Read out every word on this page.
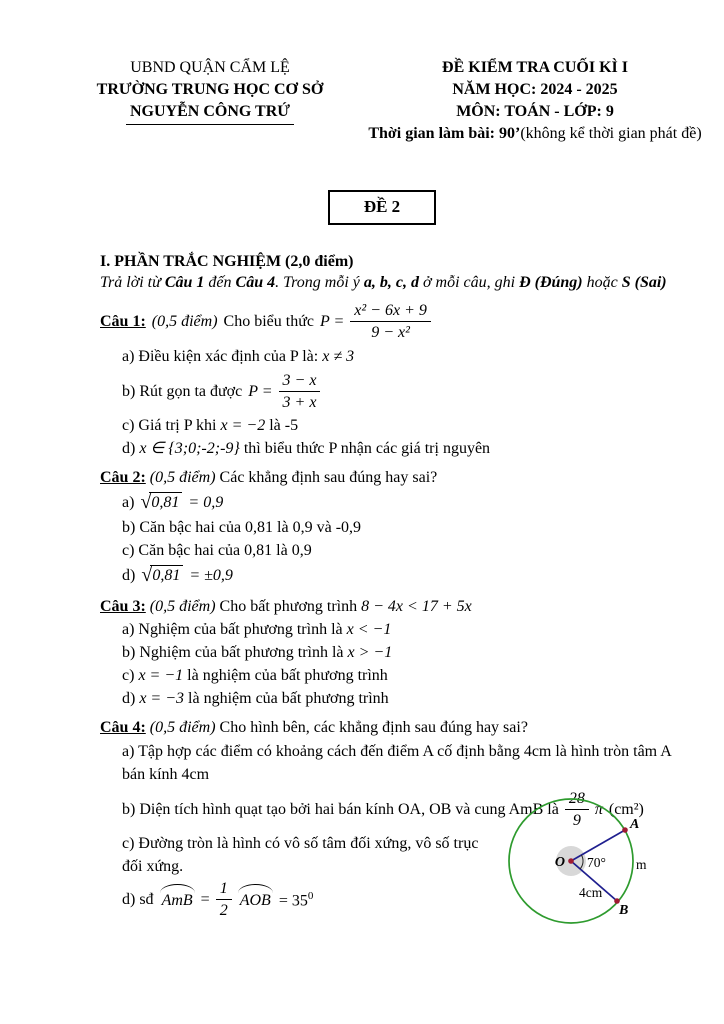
UBND QUẬN CẨM LỆ
TRƯỜNG TRUNG HỌC CƠ SỞ
NGUYỄN CÔNG TRỨ
ĐỀ KIỂM TRA CUỐI KÌ I
NĂM HỌC: 2024 - 2025
MÔN: TOÁN - LỚP: 9
Thời gian làm bài: 90’(không kể thời gian phát đề)
ĐỀ 2
I. PHẦN TRẮC NGHIỆM (2,0 điểm)
Trả lời từ Câu 1 đến Câu 4. Trong mỗi ý a, b, c, d ở mỗi câu, ghi Đ (Đúng) hoặc S (Sai)
Câu 1: (0,5 điểm) Cho biểu thức $P = \frac{\text{x² − 6x + 9}}{\text{9 − x²}}$
a) Điều kiện xác định của P là: x ≠ 3
b) Rút gọn ta được $P = \frac{3 - x}{3 + x}$
c) Giá trị P khi x = −2 là -5
d) x ∈ {3;0;-2;-9} thì biểu thức P nhận các giá trị nguyên
Câu 2: (0,5 điểm) Các khẳng định sau đúng hay sai?
a) √ 0,81 = 0,9
b) Căn bậc hai của 0,81 là 0,9 và -0,9
c) Căn bậc hai của 0,81 là 0,9
d) √ 0,81 = ±0,9
Câu 3: (0,5 điểm) Cho bất phương trình 8 − 4x < 17 + 5x
a) Nghiệm của bất phương trình là x < −1
b) Nghiệm của bất phương trình là x > −1
c) x = −1 là nghiệm của bất phương trình
d) x = −3 là nghiệm của bất phương trình
Câu 4: (0,5 điểm) Cho hình bên, các khẳng định sau đúng hay sai?
a) Tập hợp các điểm có khoảng cách đến điểm A cố định bằng 4cm là hình tròn tâm A bán kính 4cm
b) Diện tích hình quạt tạo bởi hai bán kính OA, OB và cung AmB là $\frac{28}{9}$ π (cm²)
c) Đường tròn là hình có vô số tâm đối xứng, vô số trục đối xứng.
d) sđ AmB = $\frac{1}{2}$ AOB = $35^0$
O
A
B
70°
4cm
m
